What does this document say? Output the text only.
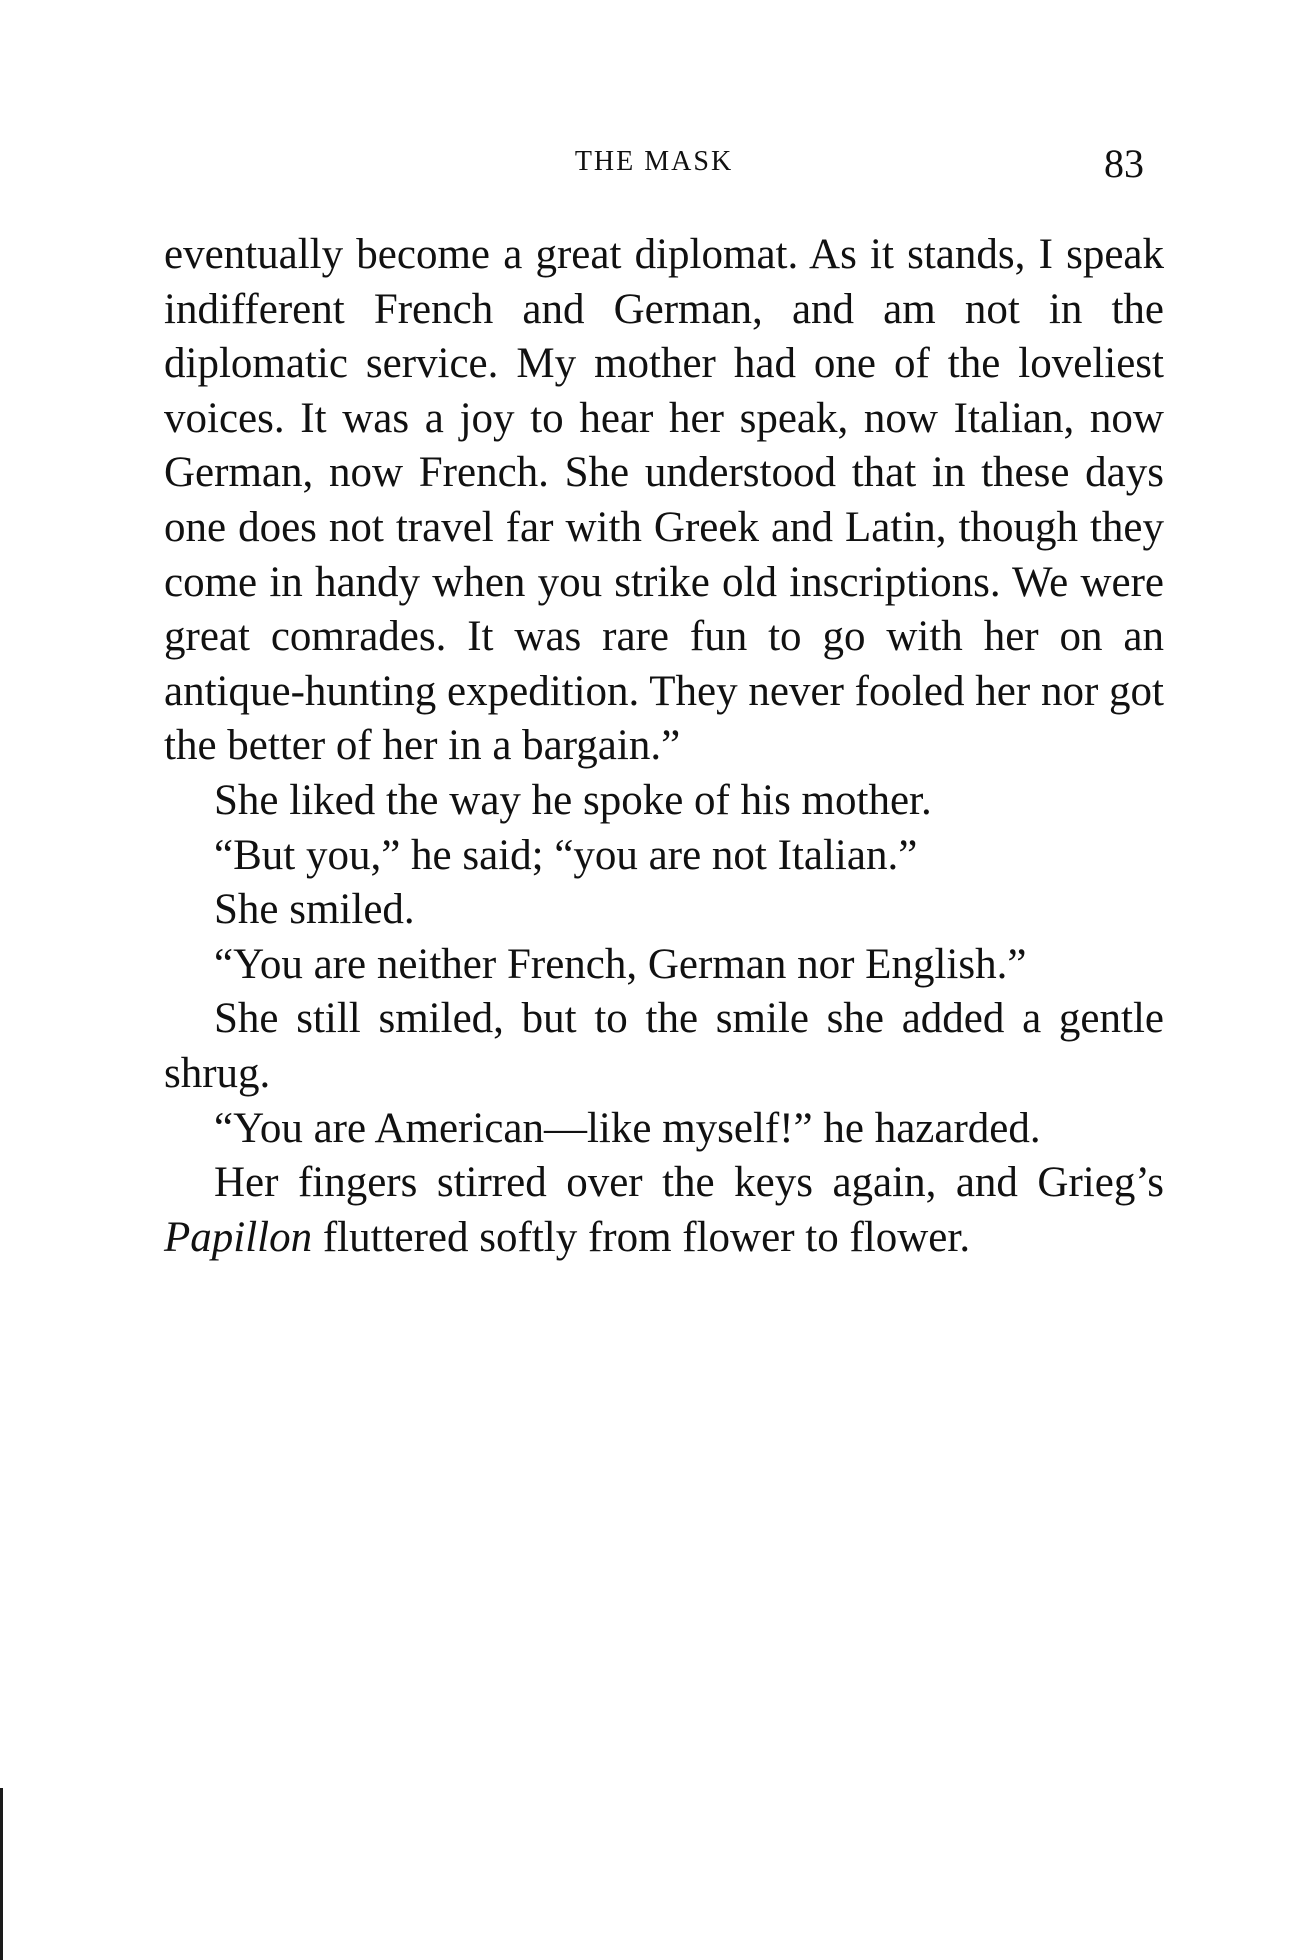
THE MASK	83

eventually become a great diplomat. As it stands, I speak indifferent French and German, and am not in the diplomatic service. My mother had one of the loveliest voices. It was a joy to hear her speak, now Italian, now German, now French. She understood that in these days one does not travel far with Greek and Latin, though they come in handy when you strike old inscriptions. We were great comrades. It was rare fun to go with her on an antique-hunting expedition. They never fooled her nor got the better of her in a bargain.”

She liked the way he spoke of his mother.

“But you,” he said; “you are not Italian.”

She smiled.

“You are neither French, German nor English.”

She still smiled, but to the smile she added a gentle shrug.

“You are American—like myself!” he hazarded.

Her fingers stirred over the keys again, and Grieg’s Papillon fluttered softly from flower to flower.
